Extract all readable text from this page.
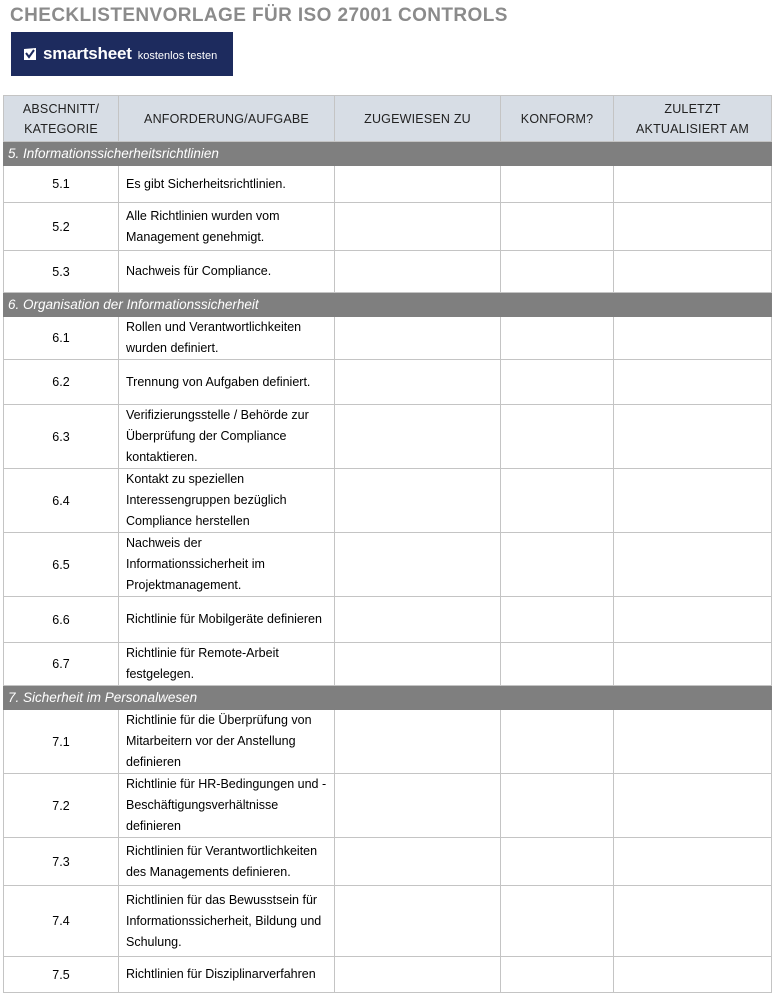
CHECKLISTENVORLAGE FÜR ISO 27001 CONTROLS
smartsheet kostenlos testen
ABSCHNITT/ KATEGORIE	ANFORDERUNG/AUFGABE	ZUGEWIESEN ZU	KONFORM?	ZULETZT AKTUALISIERT AM
5. Informationssicherheitsrichtlinien				
5.1	Es gibt Sicherheitsrichtlinien.			
5.2	Alle Richtlinien wurden vom Management genehmigt.			
5.3	Nachweis für Compliance.			
6. Organisation der Informationssicherheit				
6.1	Rollen und Verantwortlichkeiten wurden definiert.			
6.2	Trennung von Aufgaben definiert.			
6.3	Verifizierungsstelle / Behörde zur Überprüfung der Compliance kontaktieren.			
6.4	Kontakt zu speziellen Interessengruppen bezüglich Compliance herstellen			
6.5	Nachweis der Informationssicherheit im Projektmanagement.			
6.6	Richtlinie für Mobilgeräte definieren			
6.7	Richtlinie für Remote-Arbeit festgelegen.			
7. Sicherheit im Personalwesen				
7.1	Richtlinie für die Überprüfung von Mitarbeitern vor der Anstellung definieren			
7.2	Richtlinie für HR-Bedingungen und -Beschäftigungsverhältnisse definieren			
7.3	Richtlinien für Verantwortlichkeiten des Managements definieren.			
7.4	Richtlinien für das Bewusstsein für Informationssicherheit, Bildung und Schulung.			
7.5	Richtlinien für Disziplinarverfahren			
